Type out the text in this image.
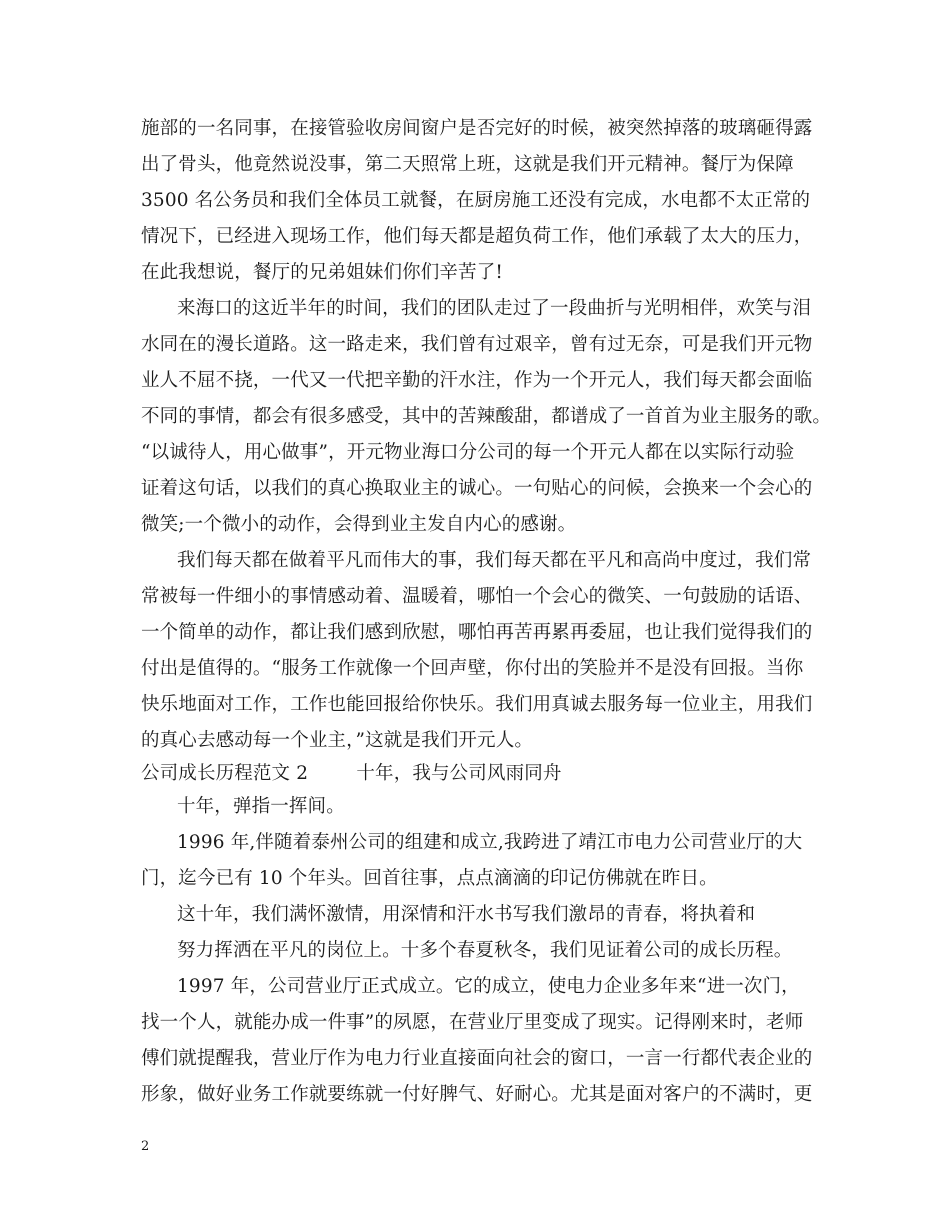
施部的一名同事，在接管验收房间窗户是否完好的时候，被突然掉落的玻璃砸得露
出了骨头，他竟然说没事，第二天照常上班，这就是我们开元精神。餐厅为保障
3500 名公务员和我们全体员工就餐，在厨房施工还没有完成，水电都不太正常的
情况下，已经进入现场工作，他们每天都是超负荷工作，他们承载了太大的压力，
在此我想说，餐厅的兄弟姐妹们你们辛苦了!
来海口的这近半年的时间，我们的团队走过了一段曲折与光明相伴，欢笑与泪
水同在的漫长道路。这一路走来，我们曾有过艰辛，曾有过无奈，可是我们开元物
业人不屈不挠，一代又一代把辛勤的汗水注，作为一个开元人，我们每天都会面临
不同的事情，都会有很多感受，其中的苦辣酸甜，都谱成了一首首为业主服务的歌。
“以诚待人，用心做事”，开元物业海口分公司的每一个开元人都在以实际行动验
证着这句话，以我们的真心换取业主的诚心。一句贴心的问候，会换来一个会心的
微笑;一个微小的动作，会得到业主发自内心的感谢。
我们每天都在做着平凡而伟大的事，我们每天都在平凡和高尚中度过，我们常
常被每一件细小的事情感动着、温暖着，哪怕一个会心的微笑、一句鼓励的话语、
一个简单的动作，都让我们感到欣慰，哪怕再苦再累再委屈，也让我们觉得我们的
付出是值得的。“服务工作就像一个回声壁，你付出的笑脸并不是没有回报。当你
快乐地面对工作，工作也能回报给你快乐。我们用真诚去服务每一位业主，用我们
的真心去感动每一个业主，”这就是我们开元人。
公司成长历程范文 2        十年，我与公司风雨同舟
十年，弹指一挥间。
1996 年,伴随着泰州公司的组建和成立,我跨进了靖江市电力公司营业厅的大
门，迄今已有 10 个年头。回首往事，点点滴滴的印记仿佛就在昨日。
这十年，我们满怀激情，用深情和汗水书写我们激昂的青春，将执着和
努力挥洒在平凡的岗位上。十多个春夏秋冬，我们见证着公司的成长历程。
1997 年，公司营业厅正式成立。它的成立，使电力企业多年来“进一次门，
找一个人，就能办成一件事”的夙愿，在营业厅里变成了现实。记得刚来时，老师
傅们就提醒我，营业厅作为电力行业直接面向社会的窗口，一言一行都代表企业的
形象，做好业务工作就要练就一付好脾气、好耐心。尤其是面对客户的不满时，更
2
